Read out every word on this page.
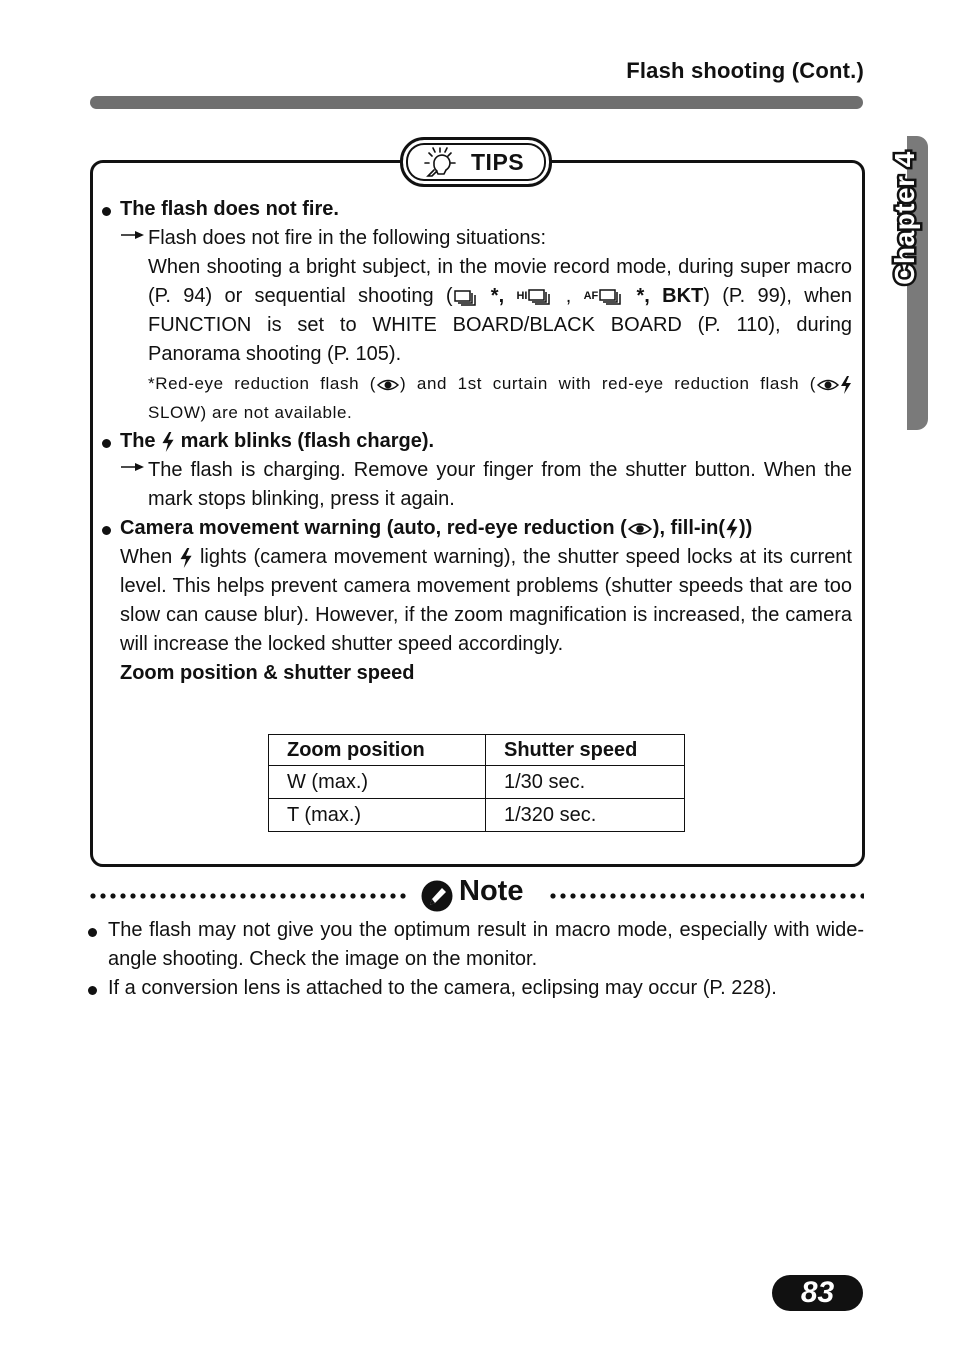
Flash shooting (Cont.)
Chapter 4
TIPS
The flash does not fire.
Flash does not fire in the following situations:
When shooting a bright subject, in the movie record mode, during super macro (P. 94) or sequential shooting ( *, HI , AF *, BKT) (P. 99), when FUNCTION is set to WHITE BOARD/BLACK BOARD (P. 110), during Panorama shooting (P. 105).
*Red-eye reduction flash ( ) and 1st curtain with red-eye reduction flash (SLOW) are not available.
The  mark blinks (flash charge).
The flash is charging. Remove your finger from the shutter button. When the mark stops blinking, press it again.
Camera movement warning (auto, red-eye reduction ( ), fill-in( ))
When  lights (camera movement warning), the shutter speed locks at its current level. This helps prevent camera movement problems (shutter speeds that are too slow can cause blur). However, if the zoom magnification is increased, the camera will increase the locked shutter speed accordingly.
Zoom position & shutter speed
Zoom position	Shutter speed
W (max.)	1/30 sec.
T (max.)	1/320 sec.
Note
The flash may not give you the optimum result in macro mode, especially with wide-angle shooting. Check the image on the monitor.
If a conversion lens is attached to the camera, eclipsing may occur (P. 228).
83
